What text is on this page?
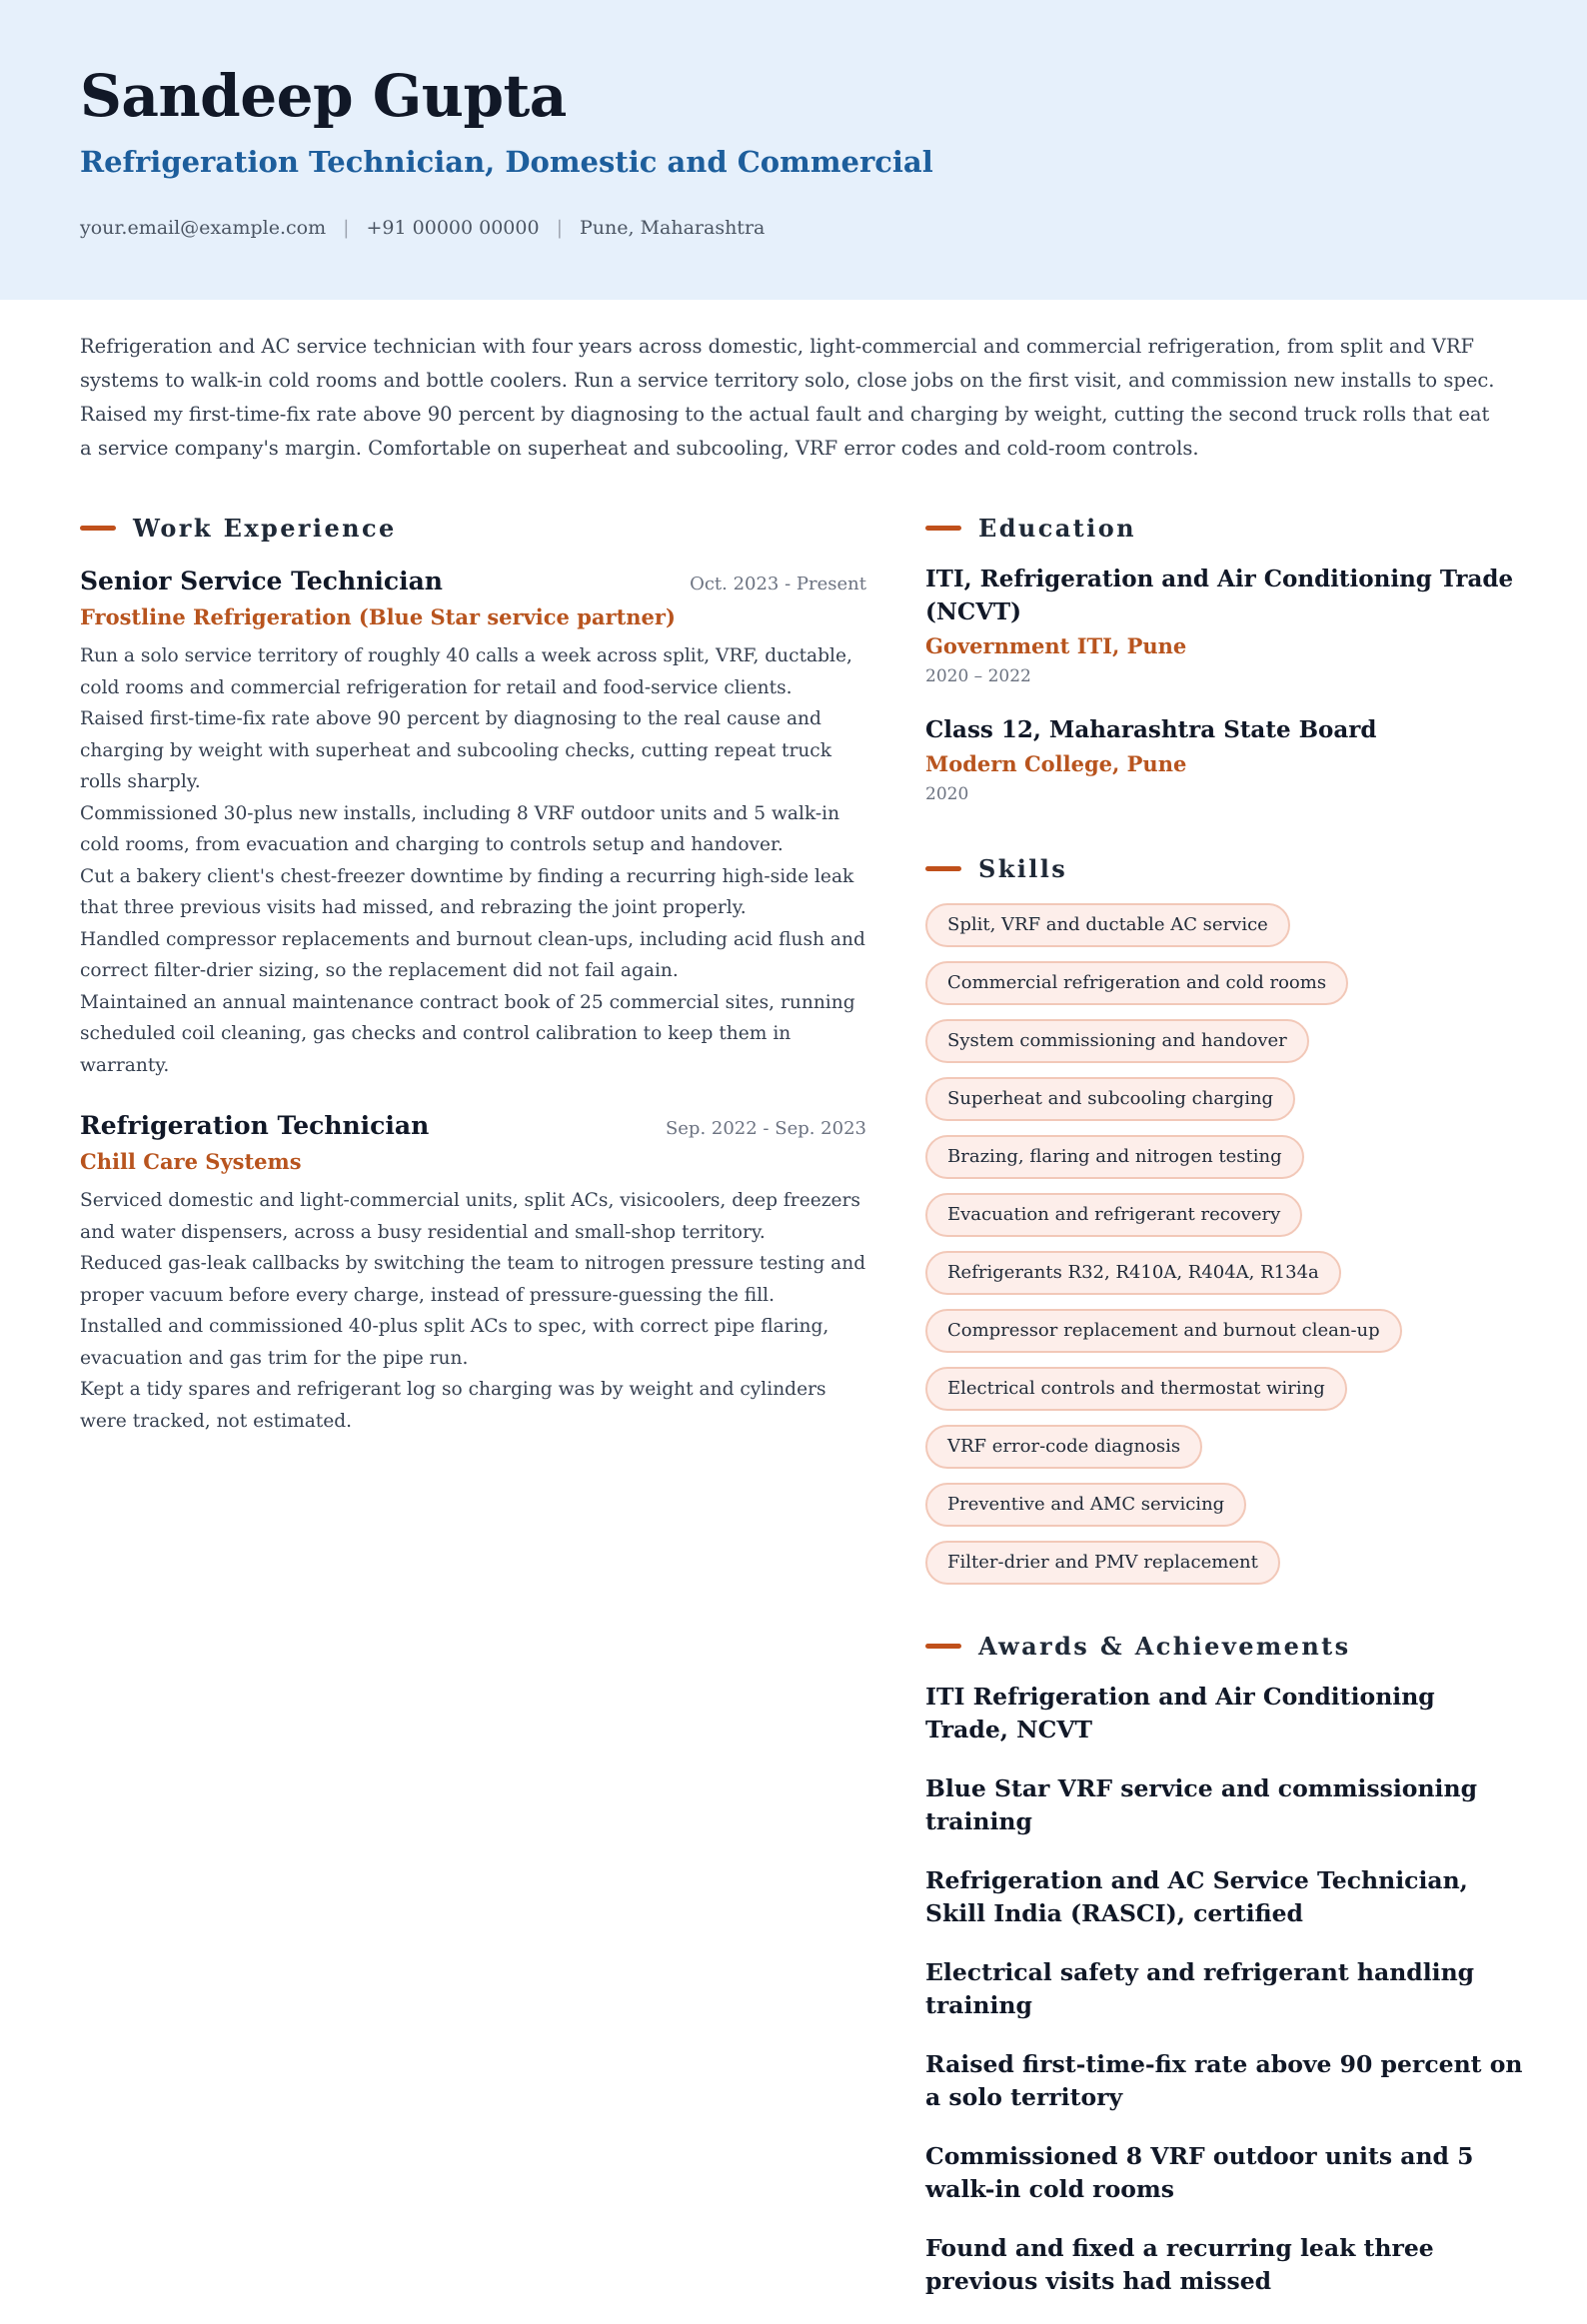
Sandeep Gupta
Refrigeration Technician, Domestic and Commercial
your.email@example.com | +91 00000 00000 | Pune, Maharashtra

Refrigeration and AC service technician with four years across domestic, light-commercial and commercial refrigeration, from split and VRF systems to walk-in cold rooms and bottle coolers. Run a service territory solo, close jobs on the first visit, and commission new installs to spec. Raised my first-time-fix rate above 90 percent by diagnosing to the actual fault and charging by weight, cutting the second truck rolls that eat a service company's margin. Comfortable on superheat and subcooling, VRF error codes and cold-room controls.

Work Experience
Senior Service Technician	Oct. 2023 - Present
Frostline Refrigeration (Blue Star service partner)

Run a solo service territory of roughly 40 calls a week across split, VRF, ductable, cold rooms and commercial refrigeration for retail and food-service clients.

Raised first-time-fix rate above 90 percent by diagnosing to the real cause and charging by weight with superheat and subcooling checks, cutting repeat truck rolls sharply.

Commissioned 30-plus new installs, including 8 VRF outdoor units and 5 walk-in cold rooms, from evacuation and charging to controls setup and handover.

Cut a bakery client's chest-freezer downtime by finding a recurring high-side leak that three previous visits had missed, and rebrazing the joint properly.

Handled compressor replacements and burnout clean-ups, including acid flush and correct filter-drier sizing, so the replacement did not fail again.

Maintained an annual maintenance contract book of 25 commercial sites, running scheduled coil cleaning, gas checks and control calibration to keep them in warranty.

Refrigeration Technician	Sep. 2022 - Sep. 2023
Chill Care Systems

Serviced domestic and light-commercial units, split ACs, visicoolers, deep freezers and water dispensers, across a busy residential and small-shop territory.

Reduced gas-leak callbacks by switching the team to nitrogen pressure testing and proper vacuum before every charge, instead of pressure-guessing the fill.

Installed and commissioned 40-plus split ACs to spec, with correct pipe flaring, evacuation and gas trim for the pipe run.

Kept a tidy spares and refrigerant log so charging was by weight and cylinders were tracked, not estimated.

Education
ITI, Refrigeration and Air Conditioning Trade (NCVT)
Government ITI, Pune
2020 – 2022
Class 12, Maharashtra State Board
Modern College, Pune
2020
Skills
Split, VRF and ductable AC service
Commercial refrigeration and cold rooms
System commissioning and handover
Superheat and subcooling charging
Brazing, flaring and nitrogen testing
Evacuation and refrigerant recovery
Refrigerants R32, R410A, R404A, R134a
Compressor replacement and burnout clean-up
Electrical controls and thermostat wiring
VRF error-code diagnosis
Preventive and AMC servicing
Filter-drier and PMV replacement
Awards & Achievements
ITI Refrigeration and Air Conditioning Trade, NCVT
Blue Star VRF service and commissioning training
Refrigeration and AC Service Technician, Skill India (RASCI), certified
Electrical safety and refrigerant handling training
Raised first-time-fix rate above 90 percent on a solo territory
Commissioned 8 VRF outdoor units and 5 walk-in cold rooms
Found and fixed a recurring leak three previous visits had missed
